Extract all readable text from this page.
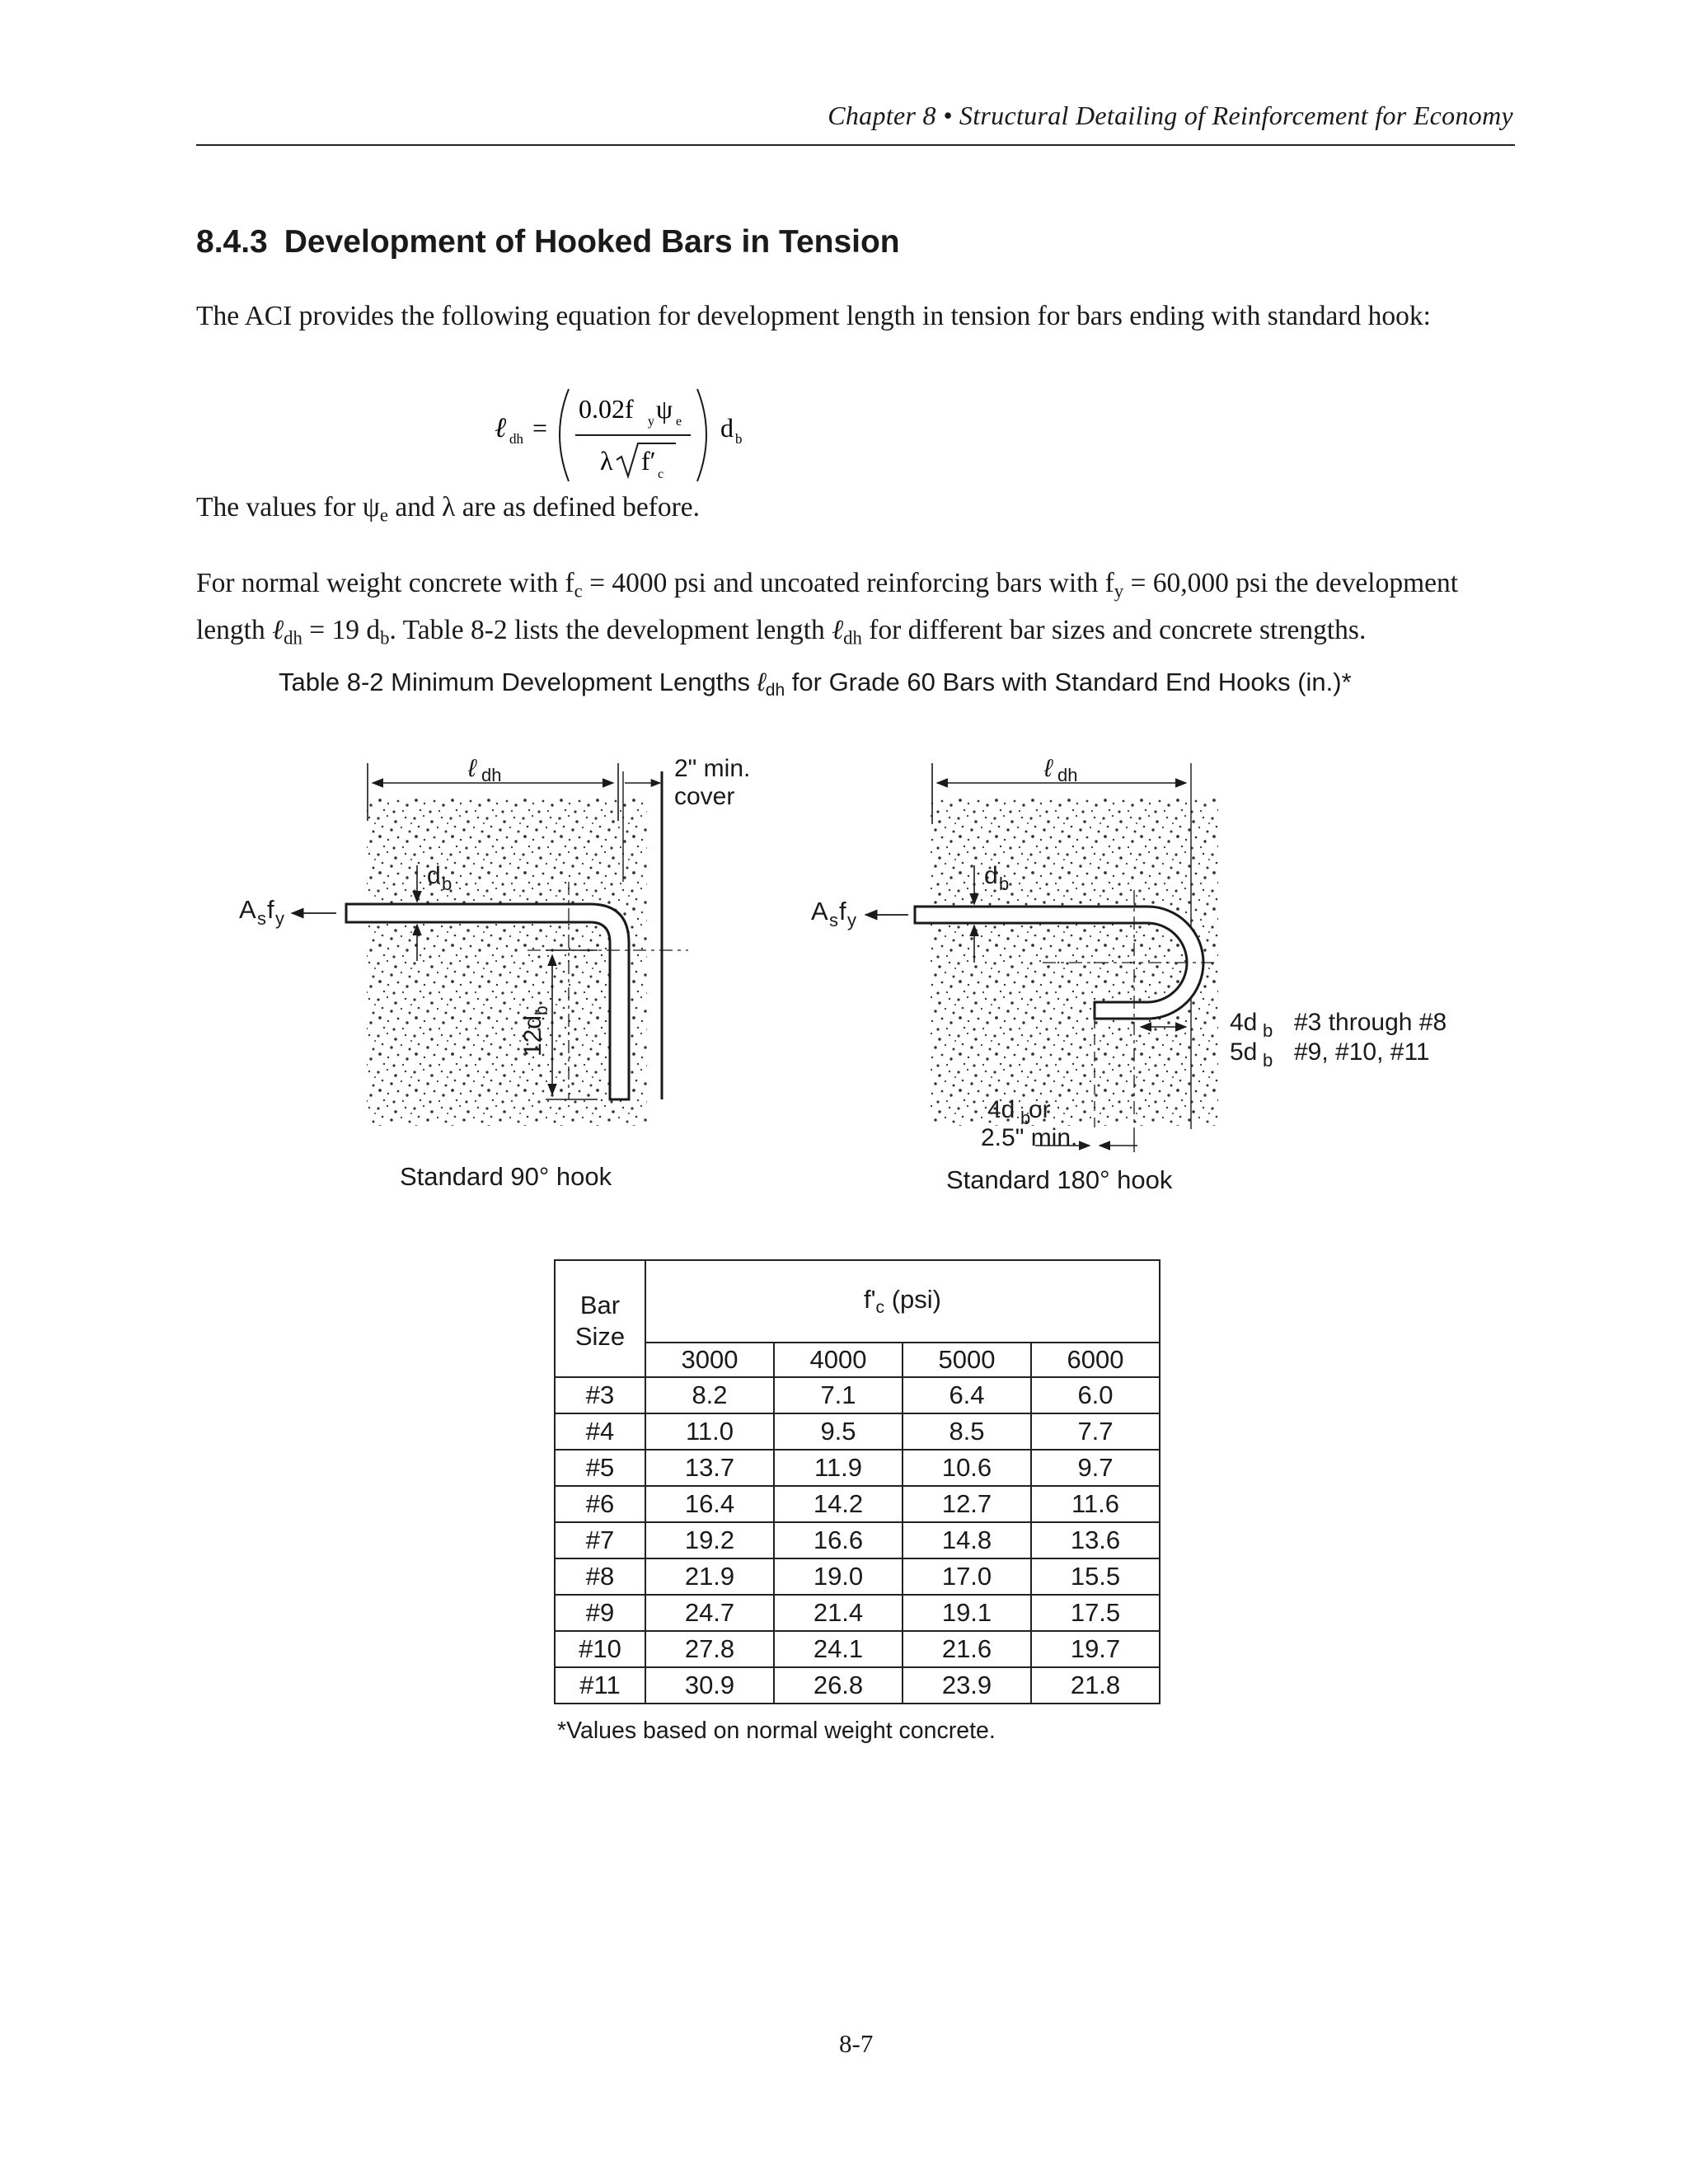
Chapter 8 • Structural Detailing of Reinforcement for Economy
8.4.3 Development of Hooked Bars in Tension
The ACI provides the following equation for development length in tension for bars ending with standard hook:
ℓ dh =
0.02f y ψ e
λ f′ c
d b
The values for $\psi_e$ and λ are as defined before.
For normal weight concrete with $f_c = 4000$ psi and uncoated reinforcing bars with $f_y = 60,000$ psi the development
length ℓ$_{dh}$ = 19 $d_b$. Table 8-2 lists the development length ℓ$_{dh}$ for different bar sizes and concrete strengths.
Table 8-2 Minimum Development Lengths ℓ$_{dh}$ for Grade 60 Bars with Standard End Hooks (in.)*
ℓ dh	2" min.
cover
d b
A s f y
12d
b
Standard 90° hook
ℓ dh
d b
A s f y
4d b
5d b
#3 through #8
#9, #10, #11
4d b
or
2.5" min.
Standard 180° hook
Bar
Size	$f'_c$ (psi)			
	3000	4000	5000	6000
#3	8.2	7.1	6.4	6.0
#4	11.0	9.5	8.5	7.7
#5	13.7	11.9	10.6	9.7
#6	16.4	14.2	12.7	11.6
#7	19.2	16.6	14.8	13.6
#8	21.9	19.0	17.0	15.5
#9	24.7	21.4	19.1	17.5
#10	27.8	24.1	21.6	19.7
#11	30.9	26.8	23.9	21.8
*Values based on normal weight concrete.
8-7
